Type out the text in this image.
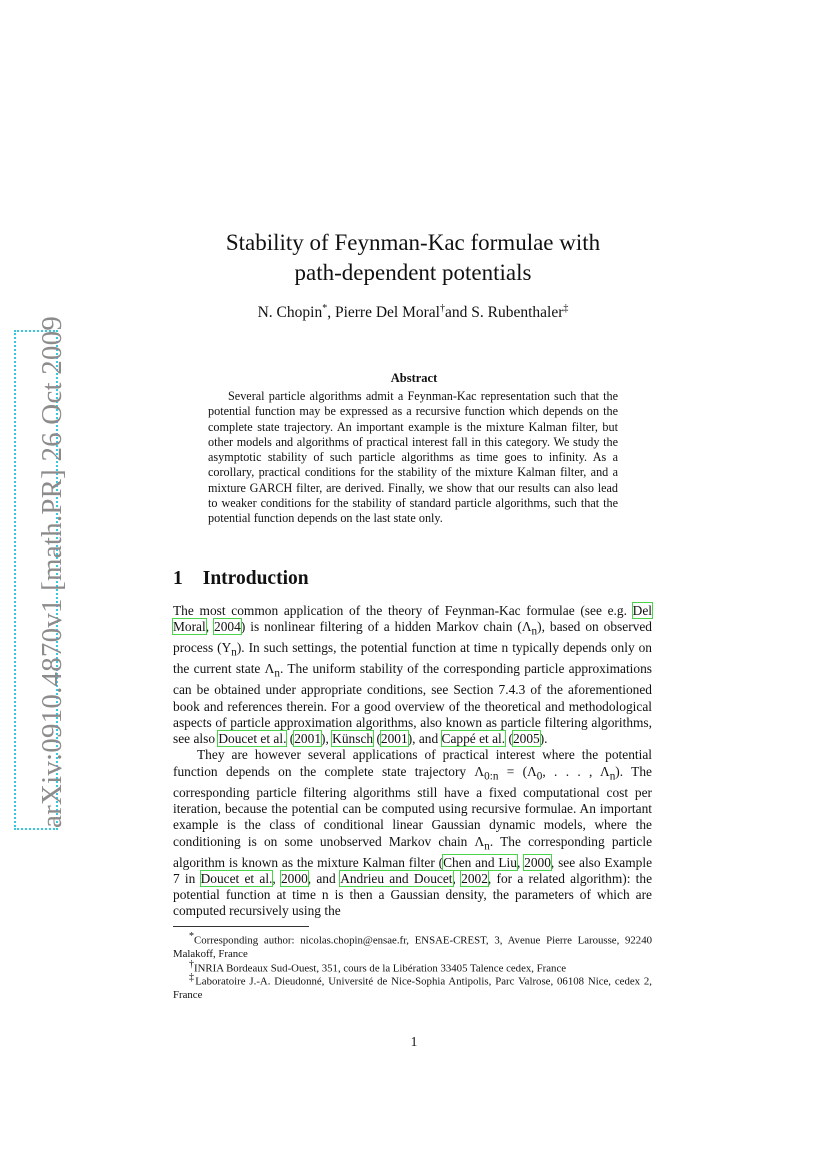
arXiv:0910.4870v1 [math.PR] 26 Oct 2009
Stability of Feynman-Kac formulae with
path-dependent potentials
N. Chopin*, Pierre Del Moral†and S. Rubenthaler‡
Abstract

Several particle algorithms admit a Feynman-Kac representation such that the potential function may be expressed as a recursive function which depends on the complete state trajectory. An important example is the mixture Kalman filter, but other models and algorithms of practical interest fall in this category. We study the asymptotic stability of such particle algorithms as time goes to infinity. As a corollary, practical conditions for the stability of the mixture Kalman filter, and a mixture GARCH filter, are derived. Finally, we show that our results can also lead to weaker conditions for the stability of standard particle algorithms, such that the potential function depends on the last state only.

1 Introduction

The most common application of the theory of Feynman-Kac formulae (see e.g. Del Moral, 2004) is nonlinear filtering of a hidden Markov chain $(\Lambda_n)$, based on observed process $(Y_n)$. In such settings, the potential function at time n typically depends only on the current state $\Lambda_n$. The uniform stability of the corresponding particle approximations can be obtained under appropriate conditions, see Section 7.4.3 of the aforementioned book and references therein. For a good overview of the theoretical and methodological aspects of particle approximation algorithms, also known as particle filtering algorithms, see also Doucet et al. (2001), Künsch (2001), and Cappé et al. (2005).

They are however several applications of practical interest where the potential function depends on the complete state trajectory $\Lambda_{0:n} = (\Lambda_0$, . . . , $\Lambda_n$). The corresponding particle filtering algorithms still have a fixed computational cost per iteration, because the potential can be computed using recursive formulae. An important example is the class of conditional linear Gaussian dynamic models, where the conditioning is on some unobserved Markov chain $\Lambda_n$. The corresponding particle algorithm is known as the mixture Kalman filter (Chen and Liu, 2000, see also Example 7 in Doucet et al., 2000, and Andrieu and Doucet, 2002, for a related algorithm): the potential function at time n is then a Gaussian density, the parameters of which are computed recursively using the

*Corresponding author: nicolas.chopin@ensae.fr, ENSAE-CREST, 3, Avenue Pierre Larousse, 92240 Malakoff, France

†INRIA Bordeaux Sud-Ouest, 351, cours de la Libération 33405 Talence cedex, France

‡Laboratoire J.-A. Dieudonné, Université de Nice-Sophia Antipolis, Parc Valrose, 06108 Nice, cedex 2, France

1
